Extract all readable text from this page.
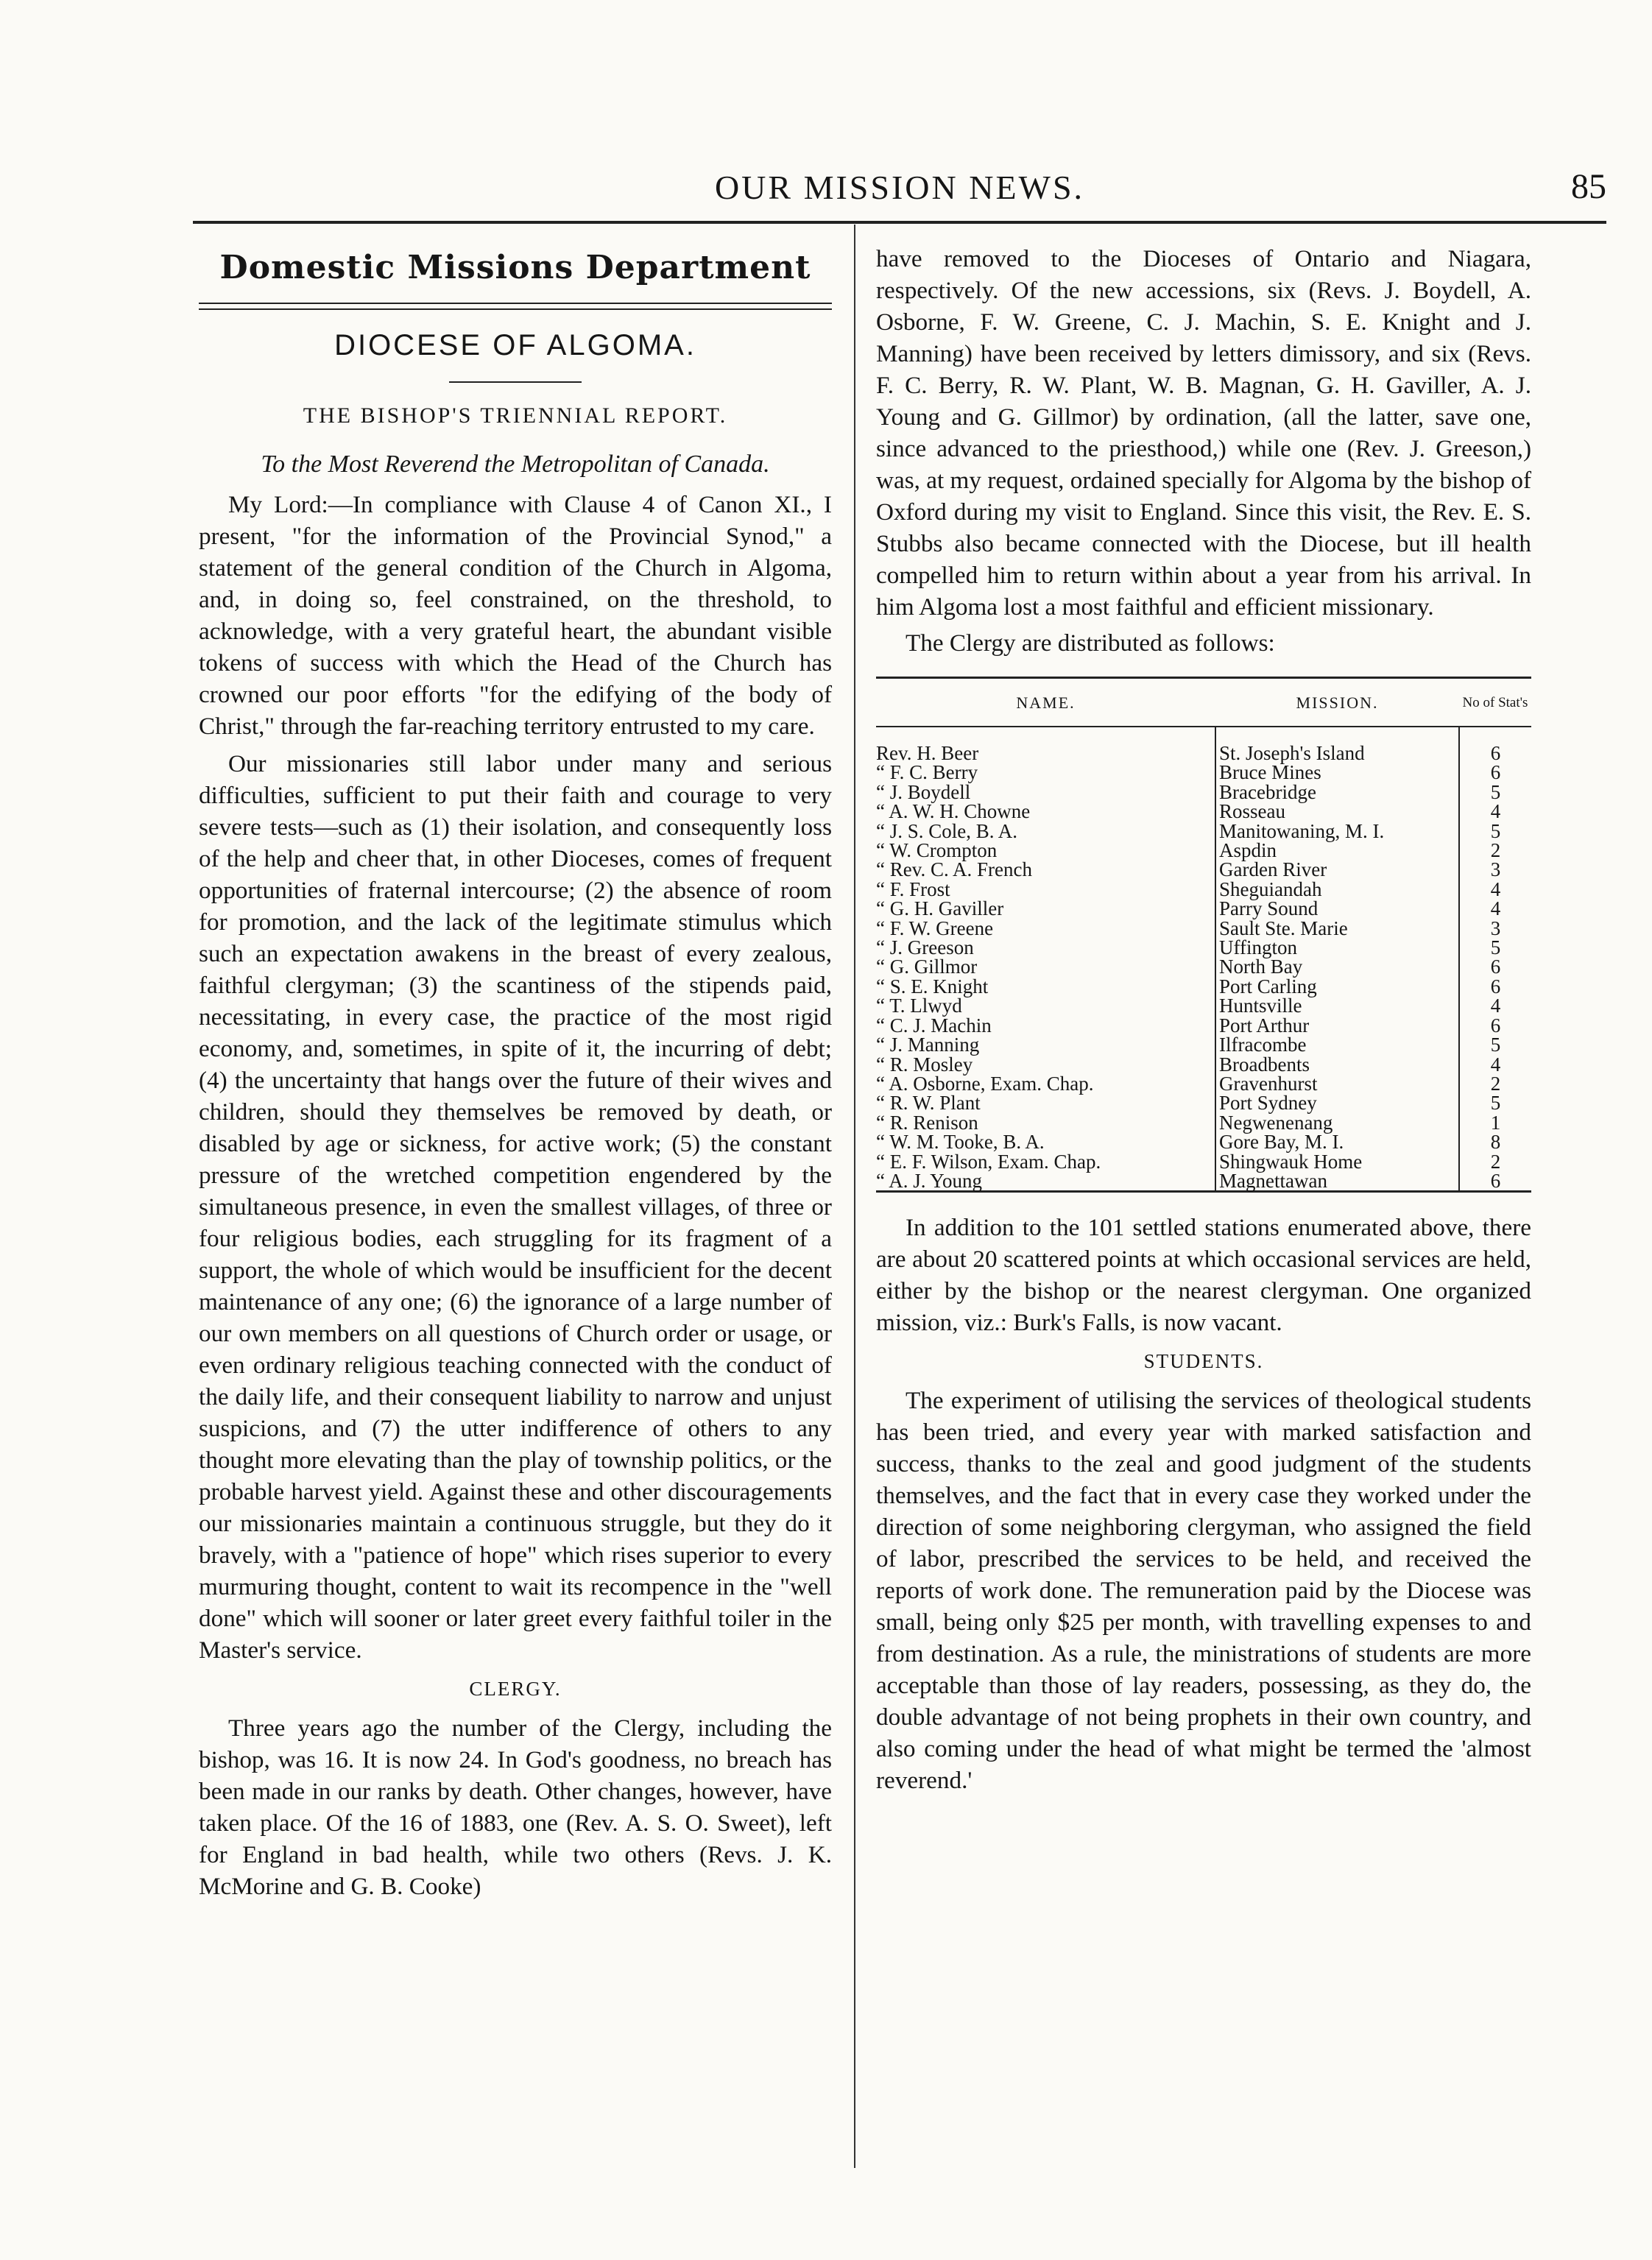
OUR MISSION NEWS.	85
Domestic Missions Department
DIOCESE OF ALGOMA.
THE BISHOP'S TRIENNIAL REPORT.
To the Most Reverend the Metropolitan of Canada.

My Lord:—In compliance with Clause 4 of Canon XI., I present, "for the information of the Provincial Synod," a statement of the general condition of the Church in Algoma, and, in doing so, feel constrained, on the threshold, to acknowledge, with a very grateful heart, the abundant visible tokens of success with which the Head of the Church has crowned our poor efforts "for the edifying of the body of Christ," through the far-reaching territory entrusted to my care.

Our missionaries still labor under many and serious difficulties, sufficient to put their faith and courage to very severe tests—such as (1) their isolation, and consequently loss of the help and cheer that, in other Dioceses, comes of frequent opportunities of fraternal intercourse; (2) the absence of room for promotion, and the lack of the legitimate stimulus which such an expectation awakens in the breast of every zealous, faithful clergyman; (3) the scantiness of the stipends paid, necessitating, in every case, the practice of the most rigid economy, and, sometimes, in spite of it, the incurring of debt; (4) the uncertainty that hangs over the future of their wives and children, should they themselves be removed by death, or disabled by age or sickness, for active work; (5) the constant pressure of the wretched competition engendered by the simultaneous presence, in even the smallest villages, of three or four religious bodies, each struggling for its fragment of a support, the whole of which would be insufficient for the decent maintenance of any one; (6) the ignorance of a large number of our own members on all questions of Church order or usage, or even ordinary religious teaching connected with the conduct of the daily life, and their consequent liability to narrow and unjust suspicions, and (7) the utter indifference of others to any thought more elevating than the play of township politics, or the probable harvest yield. Against these and other discouragements our missionaries maintain a continuous struggle, but they do it bravely, with a "patience of hope" which rises superior to every murmuring thought, content to wait its recompence in the "well done" which will sooner or later greet every faithful toiler in the Master's service.

CLERGY.

Three years ago the number of the Clergy, including the bishop, was 16. It is now 24. In God's goodness, no breach has been made in our ranks by death. Other changes, however, have taken place. Of the 16 of 1883, one (Rev. A. S. O. Sweet), left for England in bad health, while two others (Revs. J. K. McMorine and G. B. Cooke)

have removed to the Dioceses of Ontario and Niagara, respectively. Of the new accessions, six (Revs. J. Boydell, A. Osborne, F. W. Greene, C. J. Machin, S. E. Knight and J. Manning) have been received by letters dimissory, and six (Revs. F. C. Berry, R. W. Plant, W. B. Magnan, G. H. Gaviller, A. J. Young and G. Gillmor) by ordination, (all the latter, save one, since advanced to the priesthood,) while one (Rev. J. Greeson,) was, at my request, ordained specially for Algoma by the bishop of Oxford during my visit to England. Since this visit, the Rev. E. S. Stubbs also became connected with the Diocese, but ill health compelled him to return within about a year from his arrival. In him Algoma lost a most faithful and efficient missionary.

The Clergy are distributed as follows:

NAME.	MISSION.	No of Stat's
Rev. H. Beer	St. Joseph's Island	6
“ F. C. Berry	Bruce Mines	6
“ J. Boydell	Bracebridge	5
“ A. W. H. Chowne	Rosseau	4
“ J. S. Cole, B. A.	Manitowaning, M. I.	5
“ W. Crompton	Aspdin	2
“ Rev. C. A. French	Garden River	3
“ F. Frost	Sheguiandah	4
“ G. H. Gaviller	Parry Sound	4
“ F. W. Greene	Sault Ste. Marie	3
“ J. Greeson	Uffington	5
“ G. Gillmor	North Bay	6
“ S. E. Knight	Port Carling	6
“ T. Llwyd	Huntsville	4
“ C. J. Machin	Port Arthur	6
“ J. Manning	Ilfracombe	5
“ R. Mosley	Broadbents	4
“ A. Osborne, Exam. Chap.	Gravenhurst	2
“ R. W. Plant	Port Sydney	5
“ R. Renison	Negwenenang	1
“ W. M. Tooke, B. A.	Gore Bay, M. I.	8
“ E. F. Wilson, Exam. Chap.	Shingwauk Home	2
“ A. J. Young	Magnettawan	6

In addition to the 101 settled stations enumerated above, there are about 20 scattered points at which occasional services are held, either by the bishop or the nearest clergyman. One organized mission, viz.: Burk's Falls, is now vacant.

STUDENTS.

The experiment of utilising the services of theological students has been tried, and every year with marked satisfaction and success, thanks to the zeal and good judgment of the students themselves, and the fact that in every case they worked under the direction of some neighboring clergyman, who assigned the field of labor, prescribed the services to be held, and received the reports of work done. The remuneration paid by the Diocese was small, being only $25 per month, with travelling expenses to and from destination. As a rule, the ministrations of students are more acceptable than those of lay readers, possessing, as they do, the double advantage of not being prophets in their own country, and also coming under the head of what might be termed the 'almost reverend.'
